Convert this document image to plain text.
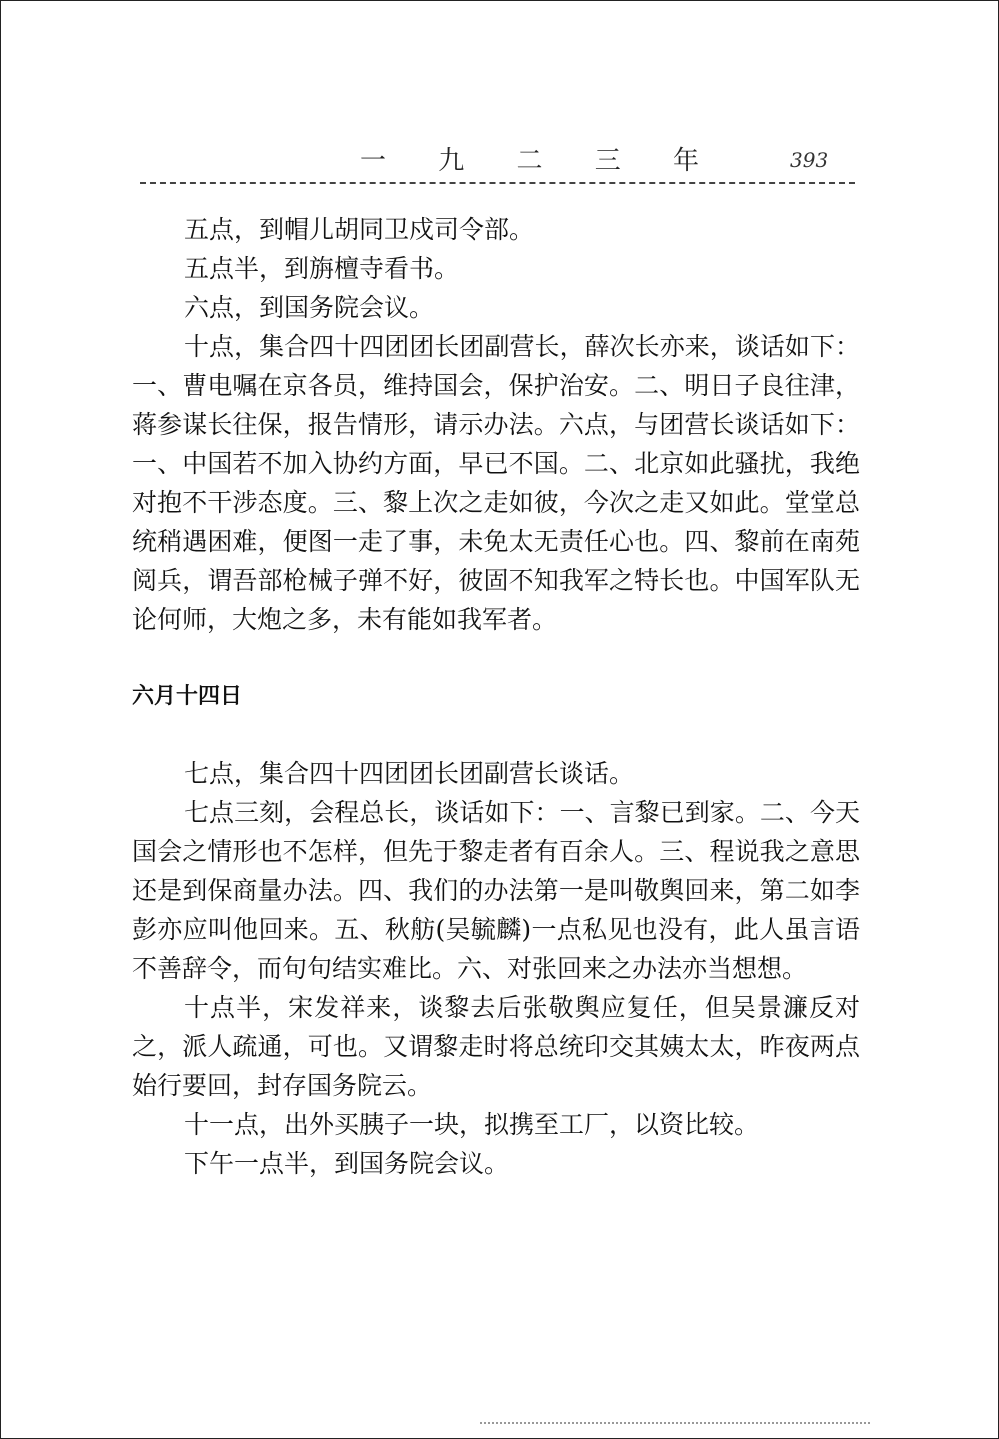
一 九 二 三 年	393

五点，到帽儿胡同卫戍司令部。

五点半，到旃檀寺看书。

六点，到国务院会议。

十点，集合四十四团团长团副营长，薛次长亦来，谈话如下：一、曹电嘱在京各员，维持国会，保护治安。二、明日子良往津，蒋参谋长往保，报告情形，请示办法。六点，与团营长谈话如下：一、中国若不加入协约方面，早已不国。二、北京如此骚扰，我绝对抱不干涉态度。三、黎上次之走如彼，今次之走又如此。堂堂总统稍遇困难，便图一走了事，未免太无责任心也。四、黎前在南苑阅兵，谓吾部枪械子弹不好，彼固不知我军之特长也。中国军队无论何师，大炮之多，未有能如我军者。

六月十四日

七点，集合四十四团团长团副营长谈话。

七点三刻，会程总长，谈话如下：一、言黎已到家。二、今天国会之情形也不怎样，但先于黎走者有百余人。三、程说我之意思还是到保商量办法。四、我们的办法第一是叫敬舆回来，第二如李彭亦应叫他回来。五、秋舫(吴毓麟)一点私见也没有，此人虽言语不善辞令，而句句结实难比。六、对张回来之办法亦当想想。

十点半，宋发祥来，谈黎去后张敬舆应复任，但吴景濂反对之，派人疏通，可也。又谓黎走时将总统印交其姨太太，昨夜两点始行要回，封存国务院云。

十一点，出外买胰子一块，拟携至工厂，以资比较。

下午一点半，到国务院会议。
